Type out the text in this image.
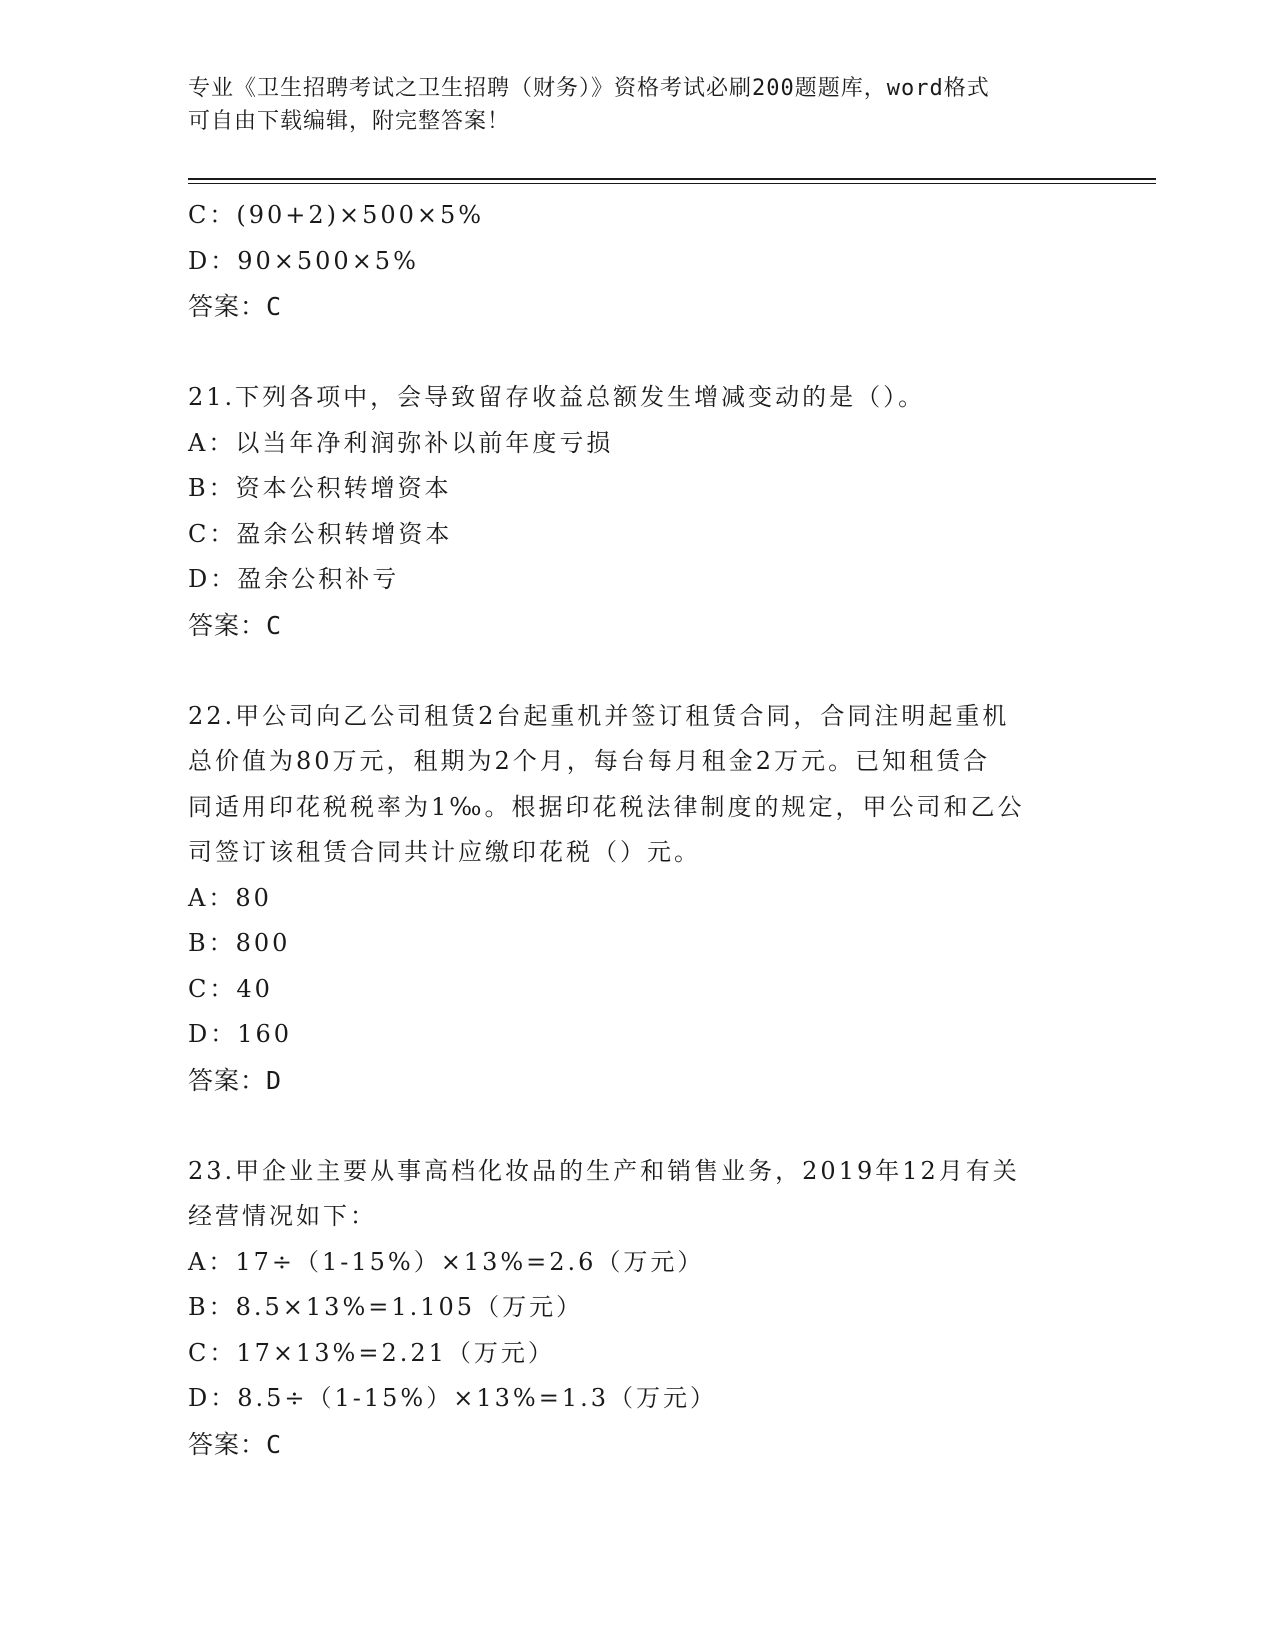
专业《卫生招聘考试之卫生招聘（财务）》资格考试必刷200题题库，word格式
可自由下载编辑，附完整答案！
C：(90+2)×500×5%
D：90×500×5%
答案：C
21.下列各项中，会导致留存收益总额发生增减变动的是（）。
A：以当年净利润弥补以前年度亏损
B：资本公积转增资本
C：盈余公积转增资本
D：盈余公积补亏
答案：C
22.甲公司向乙公司租赁2台起重机并签订租赁合同，合同注明起重机
总价值为80万元，租期为2个月，每台每月租金2万元。已知租赁合
同适用印花税税率为1‰。根据印花税法律制度的规定，甲公司和乙公
司签订该租赁合同共计应缴印花税（）元。
A：80
B：800
C：40
D：160
答案：D
23.甲企业主要从事高档化妆品的生产和销售业务，2019年12月有关
经营情况如下：
A：17÷（1-15%）×13%=2.6（万元）
B：8.5×13%=1.105（万元）
C：17×13%=2.21（万元）
D：8.5÷（1-15%）×13%=1.3（万元）
答案：C
